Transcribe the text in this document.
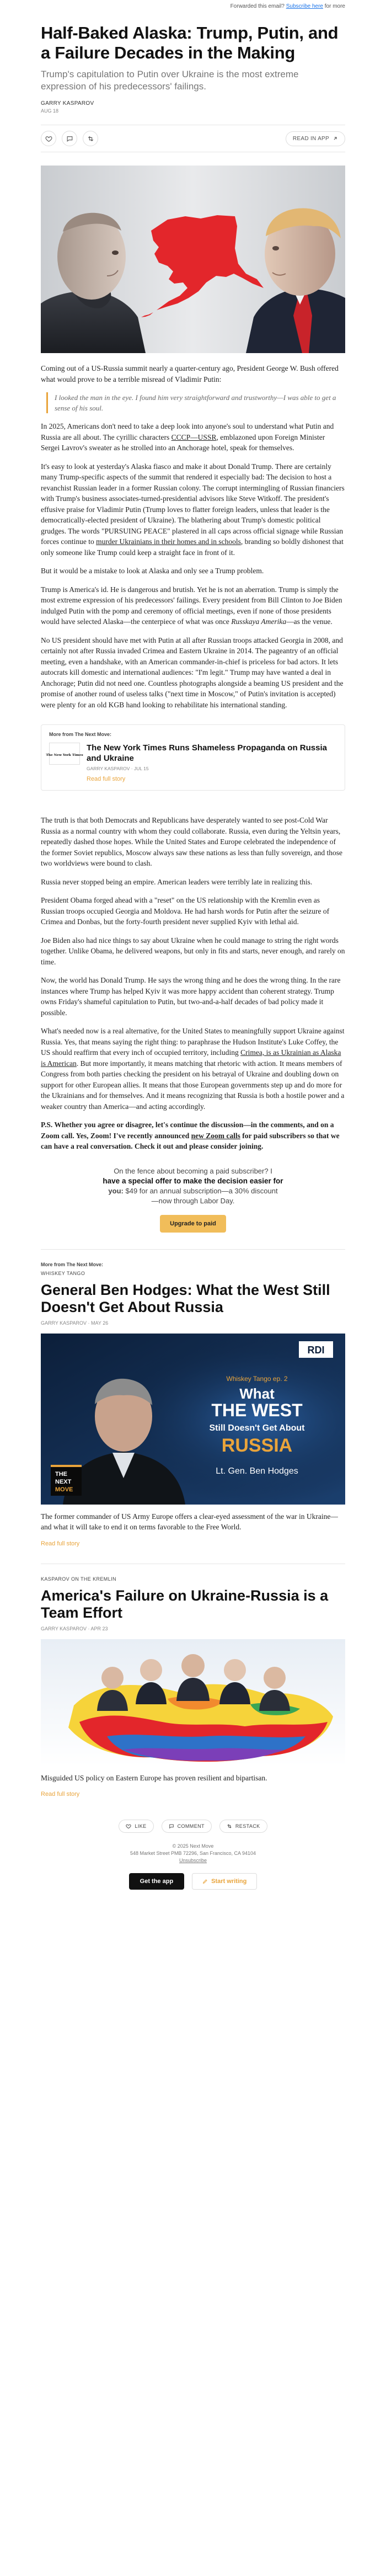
Forwarded this email? Subscribe here for more
Half-Baked Alaska: Trump, Putin, and a Failure Decades in the Making
Trump's capitulation to Putin over Ukraine is the most extreme expression of his predecessors' failings.
GARRY KASPAROV
AUG 18
READ IN APP

Coming out of a US-Russia summit nearly a quarter-century ago, President George W. Bush offered what would prove to be a terrible misread of Vladimir Putin:

I looked the man in the eye. I found him very straightforward and trustworthy—I was able to get a sense of his soul.

In 2025, Americans don't need to take a deep look into anyone's soul to understand what Putin and Russia are all about. The cyrillic characters CCCP—USSR, emblazoned upon Foreign Minister Sergei Lavrov's sweater as he strolled into an Anchorage hotel, speak for themselves.

It's easy to look at yesterday's Alaska fiasco and make it about Donald Trump. There are certainly many Trump-specific aspects of the summit that rendered it especially bad: The decision to host a revanchist Russian leader in a former Russian colony. The corrupt intermingling of Russian financiers with Trump's business associates-turned-presidential advisors like Steve Witkoff. The president's effusive praise for Vladimir Putin (Trump loves to flatter foreign leaders, unless that leader is the democratically-elected president of Ukraine). The blathering about Trump's domestic political grudges. The words "PURSUING PEACE" plastered in all caps across official signage while Russian forces continue to murder Ukrainians in their homes and in schools, branding so boldly dishonest that only someone like Trump could keep a straight face in front of it.

But it would be a mistake to look at Alaska and only see a Trump problem.

Trump is America's id. He is dangerous and brutish. Yet he is not an aberration. Trump is simply the most extreme expression of his predecessors' failings. Every president from Bill Clinton to Joe Biden indulged Putin with the pomp and ceremony of official meetings, even if none of those presidents would have selected Alaska—the centerpiece of what was once Russkaya Amerika—as the venue.

No US president should have met with Putin at all after Russian troops attacked Georgia in 2008, and certainly not after Russia invaded Crimea and Eastern Ukraine in 2014. The pageantry of an official meeting, even a handshake, with an American commander-in-chief is priceless for bad actors. It lets autocrats kill domestic and international audiences: "I'm legit." Trump may have wanted a deal in Anchorage; Putin did not need one. Countless photographs alongside a beaming US president and the promise of another round of useless talks ("next time in Moscow," of Putin's invitation is accepted) were plenty for an old KGB hand looking to rehabilitate his international standing.

More from The Next Move:
The New York Times
The New York Times Runs Shameless Propaganda on Russia and Ukraine
GARRY KASPAROV · JUL 15
Read full story

The truth is that both Democrats and Republicans have desperately wanted to see post-Cold War Russia as a normal country with whom they could collaborate. Russia, even during the Yeltsin years, repeatedly dashed those hopes. While the United States and Europe celebrated the independence of the former Soviet republics, Moscow always saw these nations as less than fully sovereign, and those two worldviews were bound to clash.

Russia never stopped being an empire. American leaders were terribly late in realizing this.

President Obama forged ahead with a "reset" on the US relationship with the Kremlin even as Russian troops occupied Georgia and Moldova. He had harsh words for Putin after the seizure of Crimea and Donbas, but the forty-fourth president never supplied Kyiv with lethal aid.

Joe Biden also had nice things to say about Ukraine when he could manage to string the right words together. Unlike Obama, he delivered weapons, but only in fits and starts, never enough, and rarely on time.

Now, the world has Donald Trump. He says the wrong thing and he does the wrong thing. In the rare instances where Trump has helped Kyiv it was more happy accident than coherent strategy. Trump owns Friday's shameful capitulation to Putin, but two-and-a-half decades of bad policy made it possible.

What's needed now is a real alternative, for the United States to meaningfully support Ukraine against Russia. Yes, that means saying the right thing: to paraphrase the Hudson Institute's Luke Coffey, the US should reaffirm that every inch of occupied territory, including Crimea, is as Ukrainian as Alaska is American. But more importantly, it means matching that rhetoric with action. It means members of Congress from both parties checking the president on his betrayal of Ukraine and doubling down on support for other European allies. It means that those European governments step up and do more for the Ukrainians and for themselves. And it means recognizing that Russia is both a hostile power and a weaker country than America—and acting accordingly.

P.S. Whether you agree or disagree, let's continue the discussion—in the comments, and on a Zoom call. Yes, Zoom! I've recently announced new Zoom calls for paid subscribers so that we can have a real conversation. Check it out and please consider joining.

On the fence about becoming a paid subscriber? I
have a special offer to make the decision easier for
you: $49 for an annual subscription—a 30% discount
—now through Labor Day.
Upgrade to paid
More from The Next Move:
WHISKEY TANGO
General Ben Hodges: What the West Still Doesn't Get About Russia
GARRY KASPAROV · MAY 26
RDI
Whiskey Tango ep. 2
What
THE WEST
Still Doesn't Get About
RUSSIA
Lt. Gen. Ben Hodges
THE
NEXT
MOVE
The former commander of US Army Europe offers a clear-eyed assessment of the war in Ukraine—and what it will take to end it on terms favorable to the Free World.
Read full story
KASPAROV ON THE KREMLIN
America's Failure on Ukraine-Russia is a Team Effort
GARRY KASPAROV · APR 23
Misguided US policy on Eastern Europe has proven resilient and bipartisan.
Read full story
LIKE	COMMENT	RESTACK
© 2025 Next Move
548 Market Street PMB 72296, San Francisco, CA 94104
Unsubscribe
Get the app	Start writing
